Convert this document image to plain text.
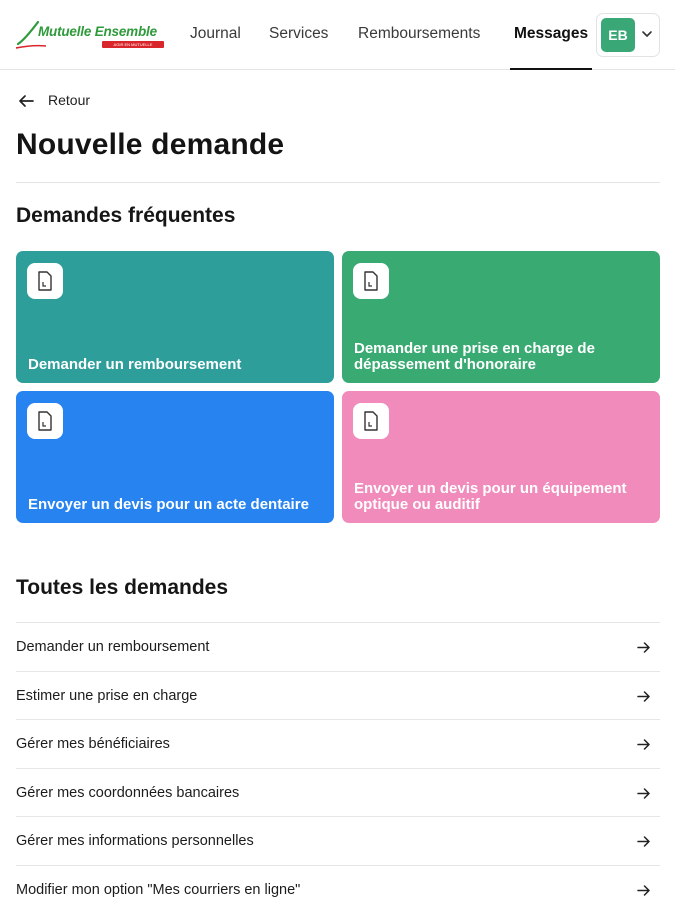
Mutuelle Ensemble
AGIR EN MUTUELLE
Journal Services Remboursements Messages	EB
Retour
Nouvelle demande
Demandes fréquentes
Demander un remboursement
Demander une prise en charge de dépassement d'honoraire
Envoyer un devis pour un acte dentaire
Envoyer un devis pour un équipement optique ou auditif
Toutes les demandes
Demander un remboursement
Estimer une prise en charge
Gérer mes bénéficiaires
Gérer mes coordonnées bancaires
Gérer mes informations personnelles
Modifier mon option "Mes courriers en ligne"
